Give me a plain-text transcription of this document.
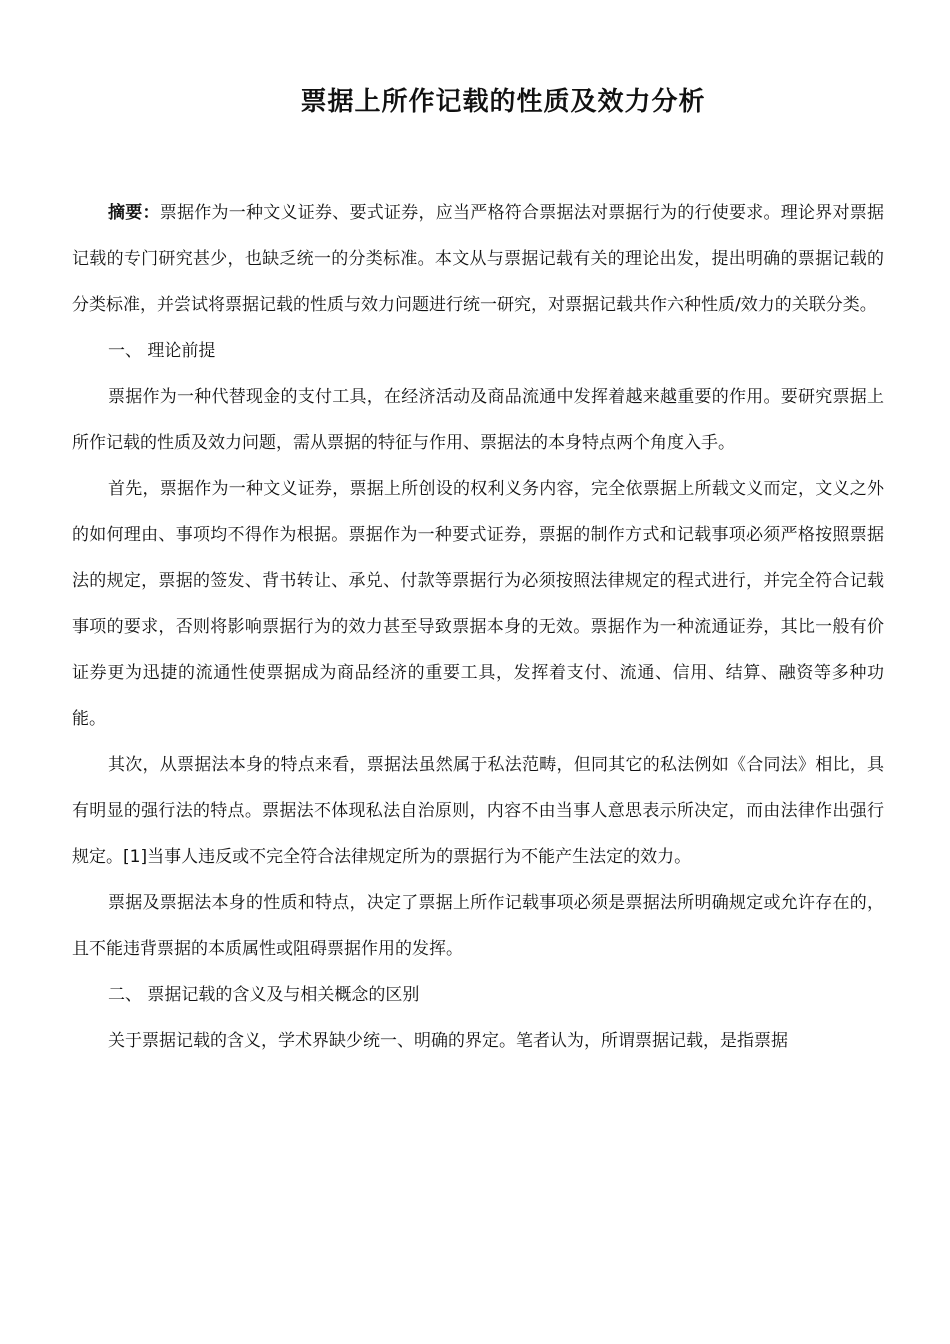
票据上所作记载的性质及效力分析

摘要：票据作为一种文义证券、要式证券，应当严格符合票据法对票据行为的行使要求。理论界对票据记载的专门研究甚少，也缺乏统一的分类标准。本文从与票据记载有关的理论出发，提出明确的票据记载的分类标准，并尝试将票据记载的性质与效力问题进行统一研究，对票据记载共作六种性质/效力的关联分类。

一、 理论前提

票据作为一种代替现金的支付工具，在经济活动及商品流通中发挥着越来越重要的作用。要研究票据上所作记载的性质及效力问题，需从票据的特征与作用、票据法的本身特点两个角度入手。

首先，票据作为一种文义证券，票据上所创设的权利义务内容，完全依票据上所载文义而定，文义之外的如何理由、事项均不得作为根据。票据作为一种要式证券，票据的制作方式和记载事项必须严格按照票据法的规定，票据的签发、背书转让、承兑、付款等票据行为必须按照法律规定的程式进行，并完全符合记载事项的要求，否则将影响票据行为的效力甚至导致票据本身的无效。票据作为一种流通证券，其比一般有价证券更为迅捷的流通性使票据成为商品经济的重要工具，发挥着支付、流通、信用、结算、融资等多种功能。

其次，从票据法本身的特点来看，票据法虽然属于私法范畴，但同其它的私法例如《合同法》相比，具有明显的强行法的特点。票据法不体现私法自治原则，内容不由当事人意思表示所决定，而由法律作出强行规定。[1]当事人违反或不完全符合法律规定所为的票据行为不能产生法定的效力。

票据及票据法本身的性质和特点，决定了票据上所作记载事项必须是票据法所明确规定或允许存在的，且不能违背票据的本质属性或阻碍票据作用的发挥。

二、 票据记载的含义及与相关概念的区别

关于票据记载的含义，学术界缺少统一、明确的界定。笔者认为，所谓票据记载，是指票据
